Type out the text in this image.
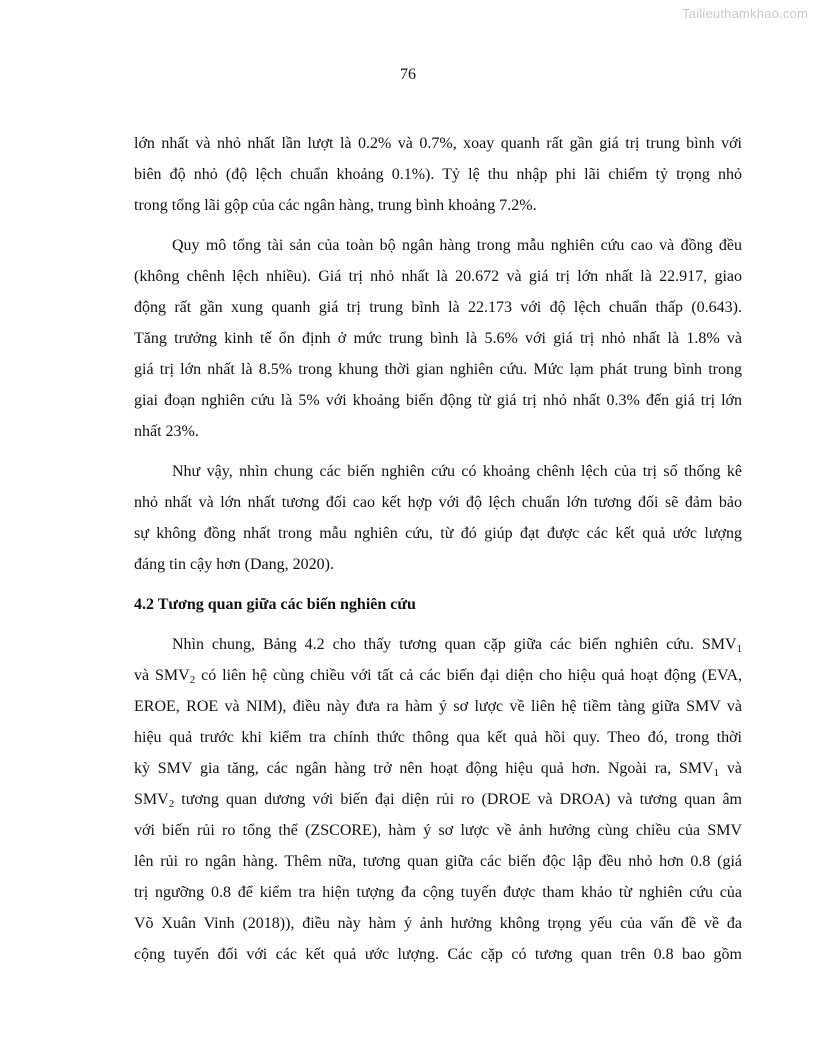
Tailieuthamkhao.com
76

lớn nhất và nhỏ nhất lần lượt là 0.2% và 0.7%, xoay quanh rất gần giá trị trung bình với
biên độ nhỏ (độ lệch chuẩn khoảng 0.1%). Tỷ lệ thu nhập phi lãi chiếm tỷ trọng nhỏ
trong tổng lãi gộp của các ngân hàng, trung bình khoảng 7.2%.

Quy mô tổng tài sản của toàn bộ ngân hàng trong mẫu nghiên cứu cao và đồng đều
(không chênh lệch nhiều). Giá trị nhỏ nhất là 20.672 và giá trị lớn nhất là 22.917, giao
động rất gần xung quanh giá trị trung bình là 22.173 với độ lệch chuẩn thấp (0.643).
Tăng trưởng kinh tế ổn định ở mức trung bình là 5.6% với giá trị nhỏ nhất là 1.8% và
giá trị lớn nhất là 8.5% trong khung thời gian nghiên cứu. Mức lạm phát trung bình trong
giai đoạn nghiên cứu là 5% với khoảng biến động từ giá trị nhỏ nhất 0.3% đến giá trị lớn
nhất 23%.

Như vậy, nhìn chung các biến nghiên cứu có khoảng chênh lệch của trị số thống kê
nhỏ nhất và lớn nhất tương đối cao kết hợp với độ lệch chuẩn lớn tương đối sẽ đảm bảo
sự không đồng nhất trong mẫu nghiên cứu, từ đó giúp đạt được các kết quả ước lượng
đáng tin cậy hơn (Dang, 2020).

4.2 Tương quan giữa các biến nghiên cứu

Nhìn chung, Bảng 4.2 cho thấy tương quan cặp giữa các biến nghiên cứu. $SMV_1$
và $SMV_2$ có liên hệ cùng chiều với tất cả các biến đại diện cho hiệu quả hoạt động (EVA,
EROE, ROE và NIM), điều này đưa ra hàm ý sơ lược về liên hệ tiềm tàng giữa SMV và
hiệu quả trước khi kiểm tra chính thức thông qua kết quả hồi quy. Theo đó, trong thời
kỳ SMV gia tăng, các ngân hàng trở nên hoạt động hiệu quả hơn. Ngoài ra, $SMV_1$ và
$SMV_2$ tương quan dương với biến đại diện rủi ro (DROE và DROA) và tương quan âm
với biến rủi ro tổng thể (ZSCORE), hàm ý sơ lược về ảnh hưởng cùng chiều của SMV
lên rủi ro ngân hàng. Thêm nữa, tương quan giữa các biến độc lập đều nhỏ hơn 0.8 (giá
trị ngưỡng 0.8 để kiểm tra hiện tượng đa cộng tuyến được tham khảo từ nghiên cứu của
Võ Xuân Vinh (2018)), điều này hàm ý ảnh hưởng không trọng yếu của vấn đề về đa
cộng tuyến đối với các kết quả ước lượng. Các cặp có tương quan trên 0.8 bao gồm
